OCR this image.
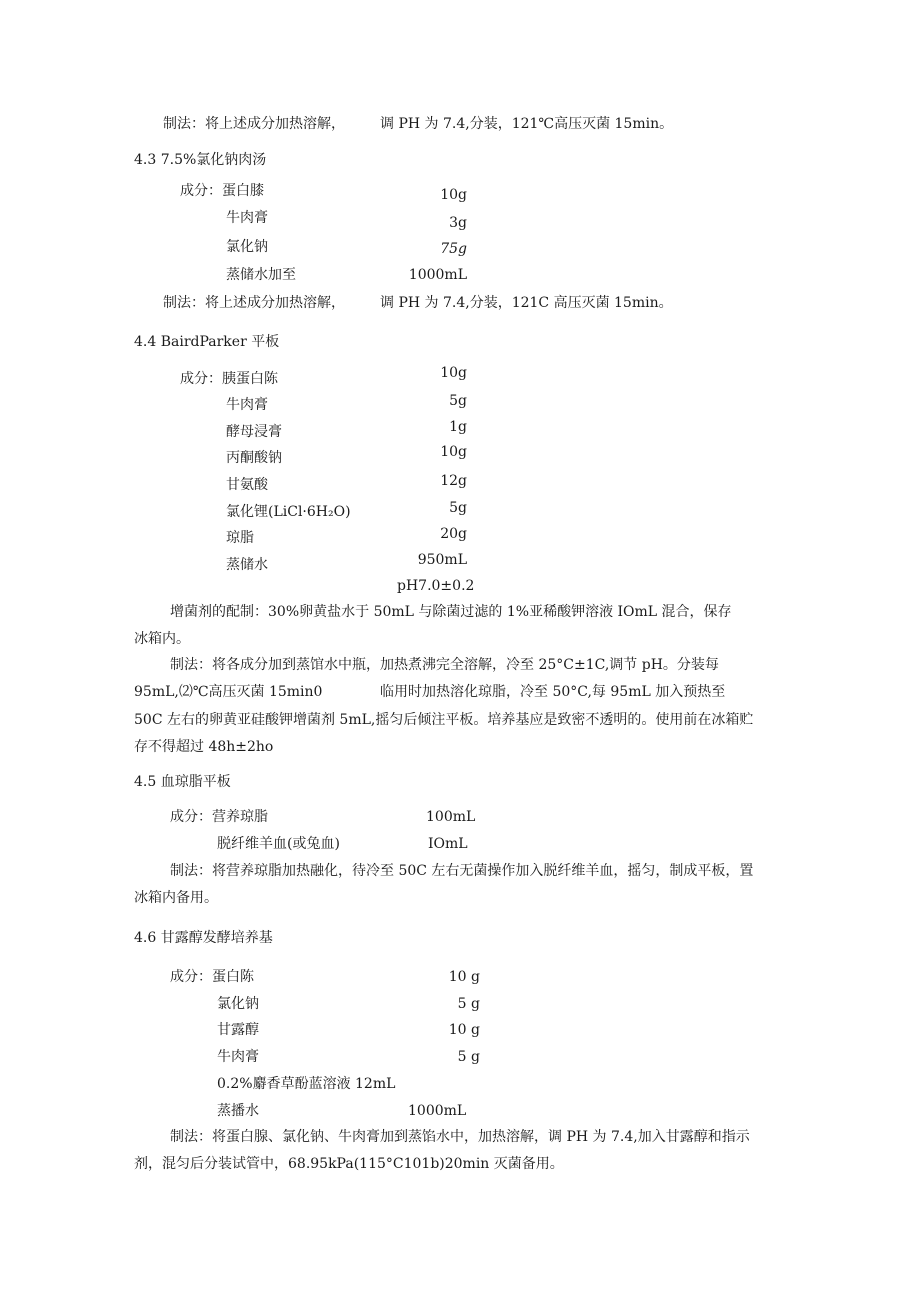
制法：将上述成分加热溶解，	调 PH 为 7.4,分装，121℃高压灭菌 15min。
4.3 7.5%氯化钠肉汤
成分：蛋白膝	10g
牛肉膏	3g
氯化钠	75g
蒸储水加至	1000mL
制法：将上述成分加热溶解，	调 PH 为 7.4,分装，121C 高压灭菌 15min。
4.4 BairdParker 平板
成分：胰蛋白陈	10g
牛肉膏	5g
酵母浸膏	1g
丙酮酸钠	10g
甘氨酸	12g
氯化锂(LiCl·6H₂O)	5g
琼脂	20g
蒸储水	950mL
pH7.0±0.2
增菌剂的配制：30%卵黄盐水于 50mL 与除菌过滤的 1%亚稀酸钾溶液 IOmL 混合，保存
冰箱内。
制法：将各成分加到蒸馆水中瓶，加热煮沸完全溶解，冷至 25°C±1C,调节 pH。分装每
95mL,⑵℃高压灭菌 15min0	临用时加热溶化琼脂，冷至 50°C,每 95mL 加入预热至
50C 左右的卵黄亚硅酸钾增菌剂 5mL,摇匀后倾注平板。培养基应是致密不透明的。使用前在冰箱贮
存不得超过 48h±2ho
4.5 血琼脂平板
成分：营养琼脂	100mL
脱纤维羊血(或兔血)	IOmL
制法：将营养琼脂加热融化，待冷至 50C 左右无菌操作加入脱纤维羊血，摇匀，制成平板，置
冰箱内备用。
4.6 甘露醇发酵培养基
成分：蛋白陈	10 g
氯化钠	5 g
甘露醇	10 g
牛肉膏	5 g
0.2%麝香草酚蓝溶液 12mL
蒸播水	1000mL
制法：将蛋白腺、氯化钠、牛肉膏加到蒸馅水中，加热溶解，调 PH 为 7.4,加入甘露醇和指示
剂，混匀后分装试管中，68.95kPa(115°C101b)20min 灭菌备用。
